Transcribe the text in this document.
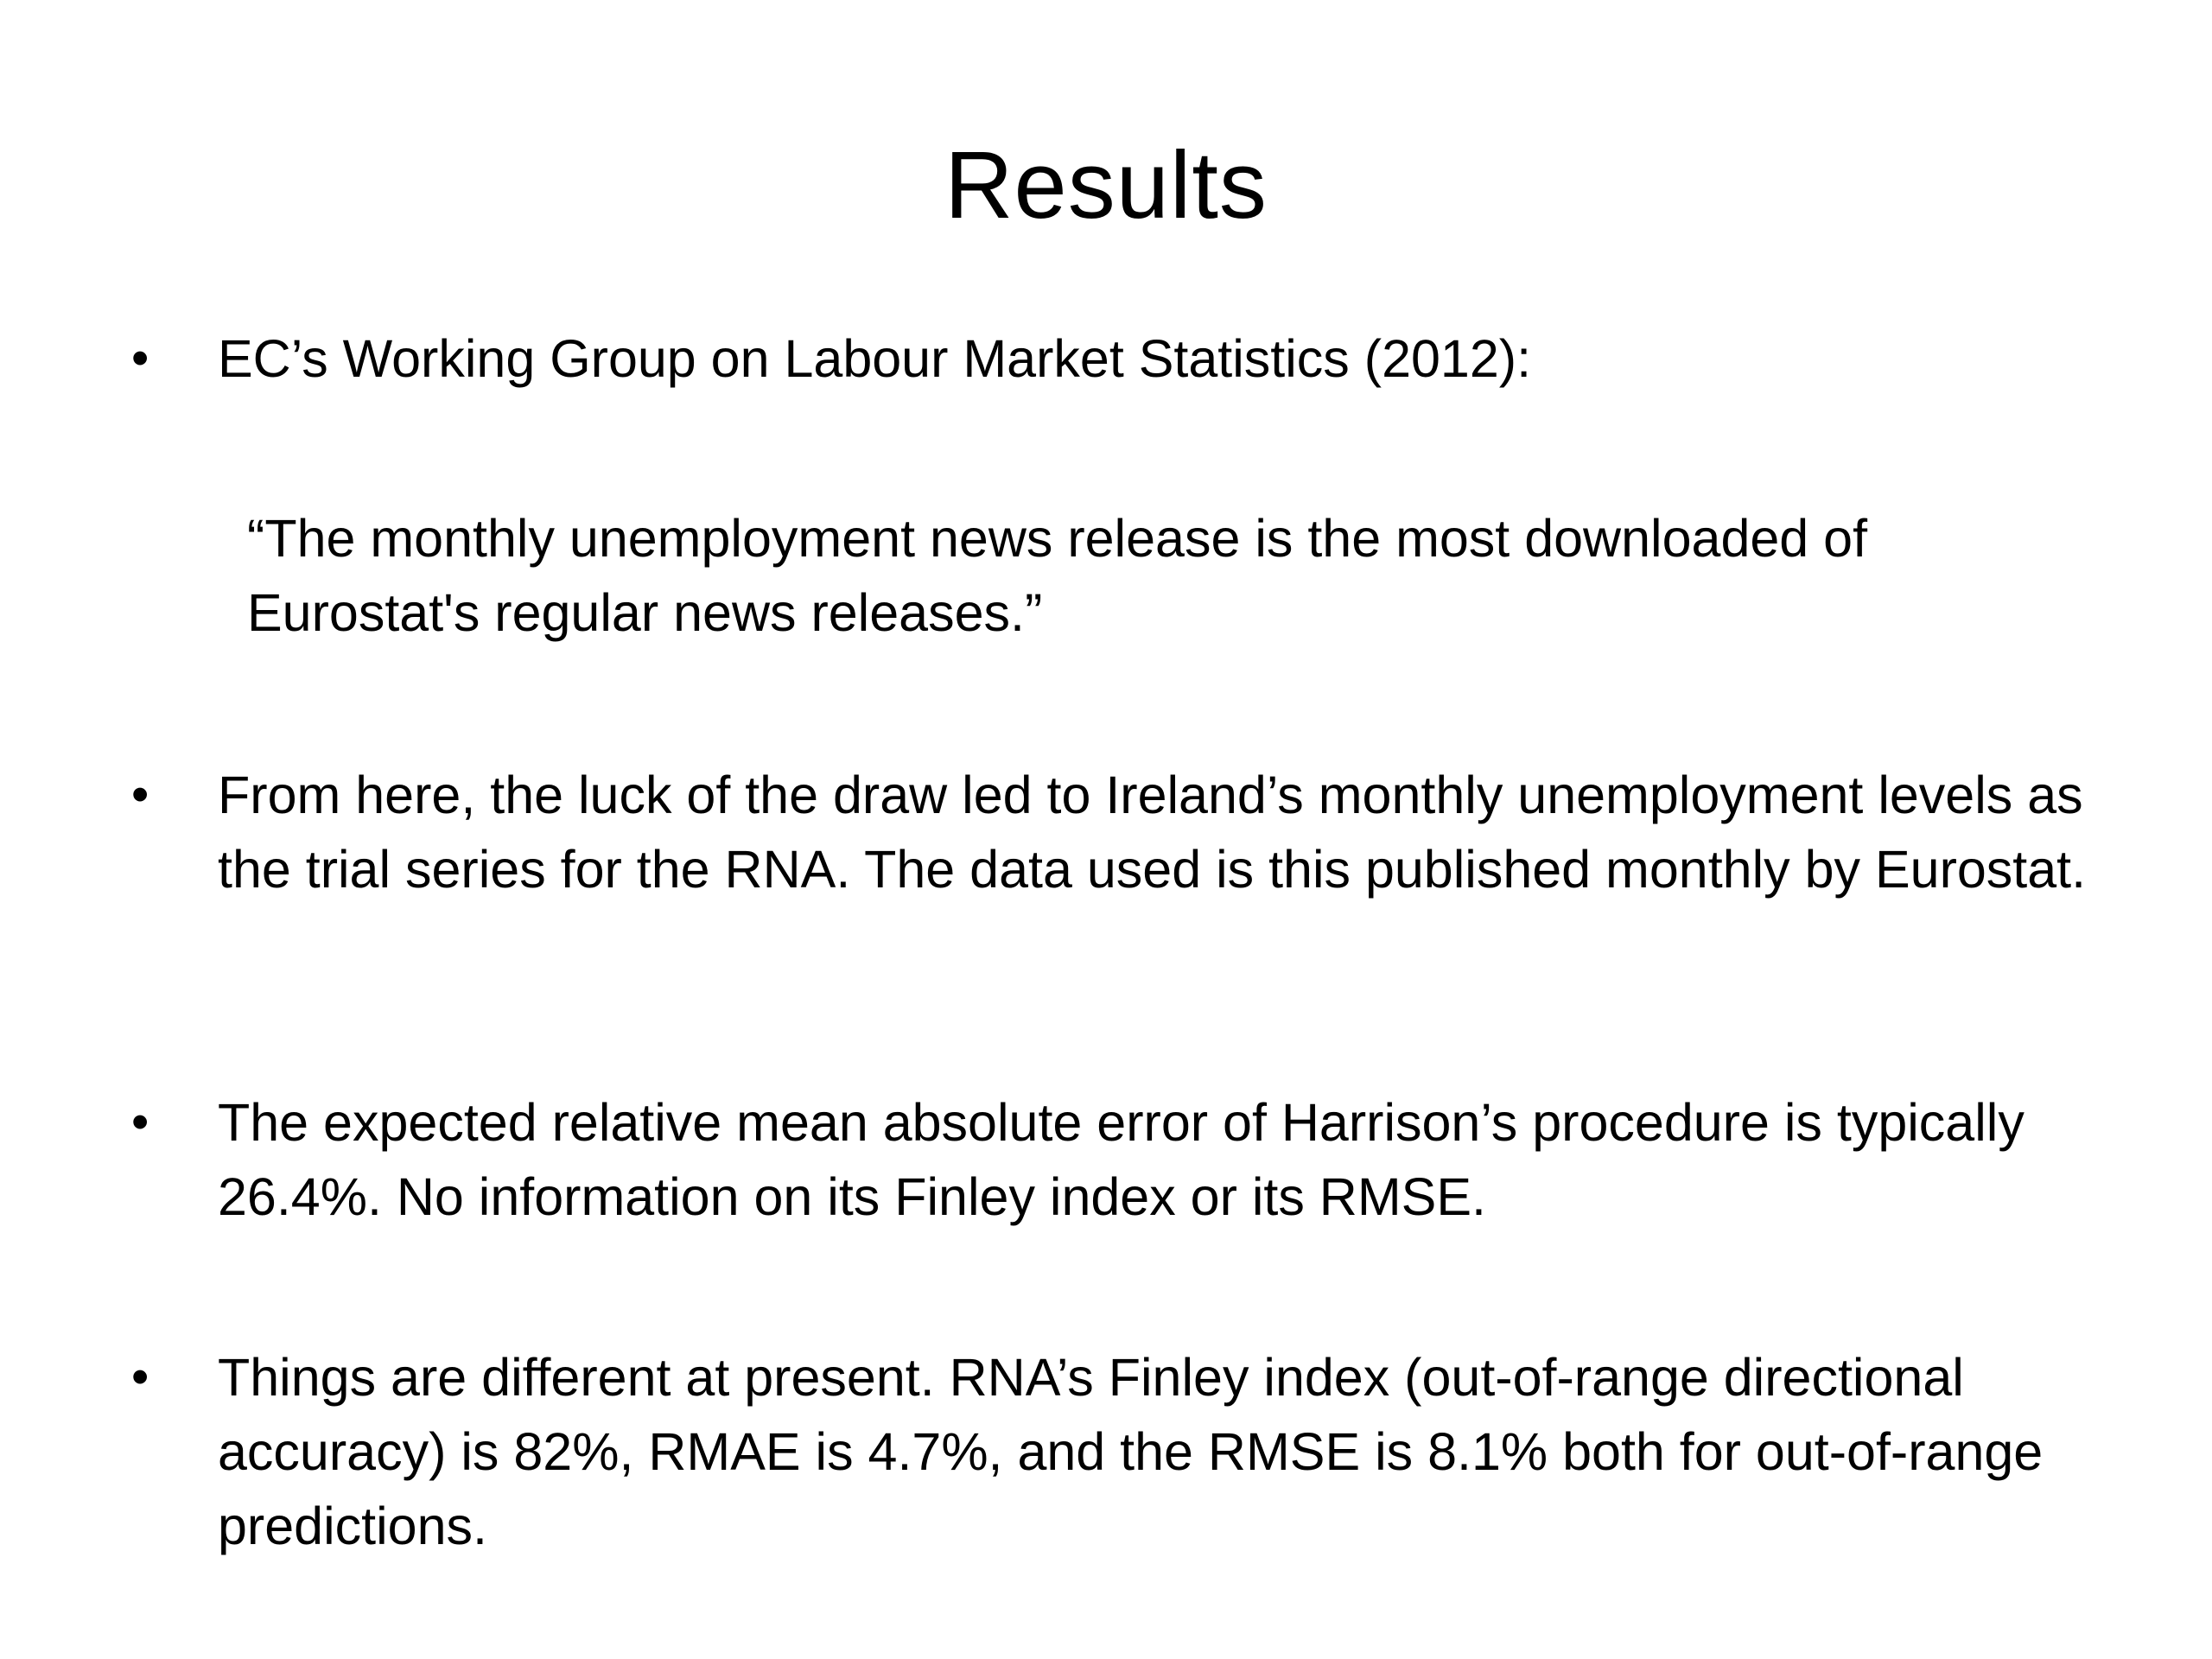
Results
• EC’s Working Group on Labour Market Statistics (2012):
“The monthly unemployment news release is the most downloaded of Eurostat's regular news releases.”
• From here, the luck of the draw led to Ireland’s monthly unemployment levels as the trial series for the RNA. The data used is this published monthly by Eurostat.
• The expected relative mean absolute error of Harrison’s procedure is typically 26.4%. No information on its Finley index or its RMSE.
• Things are different at present. RNA’s Finley index (out-of-range directional accuracy) is 82%, RMAE is 4.7%, and the RMSE is 8.1% both for out-of-range predictions.
